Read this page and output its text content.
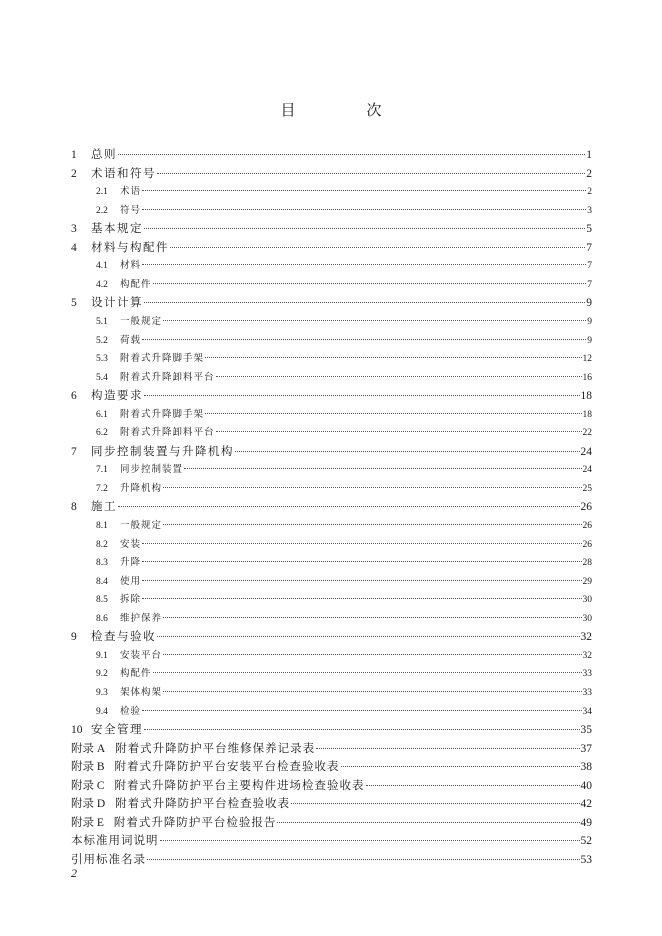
目　次
1	总则	1
2	术语和符号	2
2.1	术语	2
2.2	符号	3
3	基本规定	5
4	材料与构配件	7
4.1	材料	7
4.2	构配件	7
5	设计计算	9
5.1	一般规定	9
5.2	荷载	9
5.3	附着式升降脚手架	12
5.4	附着式升降卸料平台	16
6	构造要求	18
6.1	附着式升降脚手架	18
6.2	附着式升降卸料平台	22
7	同步控制装置与升降机构	24
7.1	同步控制装置	24
7.2	升降机构	25
8	施工	26
8.1	一般规定	26
8.2	安装	26
8.3	升降	28
8.4	使用	29
8.5	拆除	30
8.6	维护保养	30
9	检查与验收	32
9.1	安装平台	32
9.2	构配件	33
9.3	架体构架	33
9.4	检验	34
10 安全管理	35
附录 A 附着式升降防护平台维修保养记录表	37
附录 B 附着式升降防护平台安装平台检查验收表	38
附录 C 附着式升降防护平台主要构件进场检查验收表	40
附录 D 附着式升降防护平台检查验收表	42
附录 E 附着式升降防护平台检验报告	49
本标准用词说明	52
引用标准名录	53
2
